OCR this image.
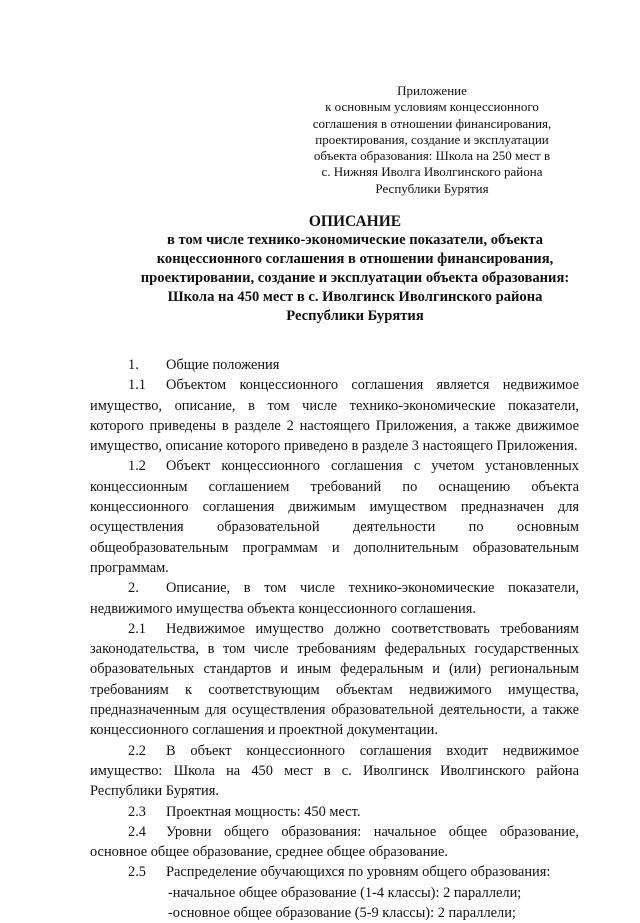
Приложение
к основным условиям концессионного
соглашения в отношении финансирования,
проектирования, создание и эксплуатации
объекта образования: Школа на 250 мест в
с. Нижняя Иволга Иволгинского района
Республики Бурятия
ОПИСАНИЕ
в том числе технико-экономические показатели, объекта
концессионного соглашения в отношении финансирования,
проектировании, создание и эксплуатации объекта образования:
Школа на 450 мест в с. Иволгинск Иволгинского района
Республики Бурятия

1. Общие положения

1.1 Объектом концессионного соглашения является недвижимое имущество, описание, в том числе технико-экономические показатели, которого приведены в разделе 2 настоящего Приложения, а также движимое имущество, описание которого приведено в разделе 3 настоящего Приложения.

1.2 Объект концессионного соглашения с учетом установленных концессионным соглашением требований по оснащению объекта концессионного соглашения движимым имуществом предназначен для осуществления образовательной деятельности по основным общеобразовательным программам и дополнительным образовательным программам.

2. Описание, в том числе технико-экономические показатели, недвижимого имущества объекта концессионного соглашения.

2.1 Недвижимое имущество должно соответствовать требованиям законодательства, в том числе требованиям федеральных государственных образовательных стандартов и иным федеральным и (или) региональным требованиям к соответствующим объектам недвижимого имущества, предназначенным для осуществления образовательной деятельности, а также концессионного соглашения и проектной документации.

2.2 В объект концессионного соглашения входит недвижимое имущество: Школа на 450 мест в с. Иволгинск Иволгинского района Республики Бурятия.

2.3 Проектная мощность: 450 мест.

2.4 Уровни общего образования: начальное общее образование, основное общее образование, среднее общее образование.

2.5 Распределение обучающихся по уровням общего образования:

-начальное общее образование (1-4 классы): 2 параллели;

-основное общее образование (5-9 классы): 2 параллели;
